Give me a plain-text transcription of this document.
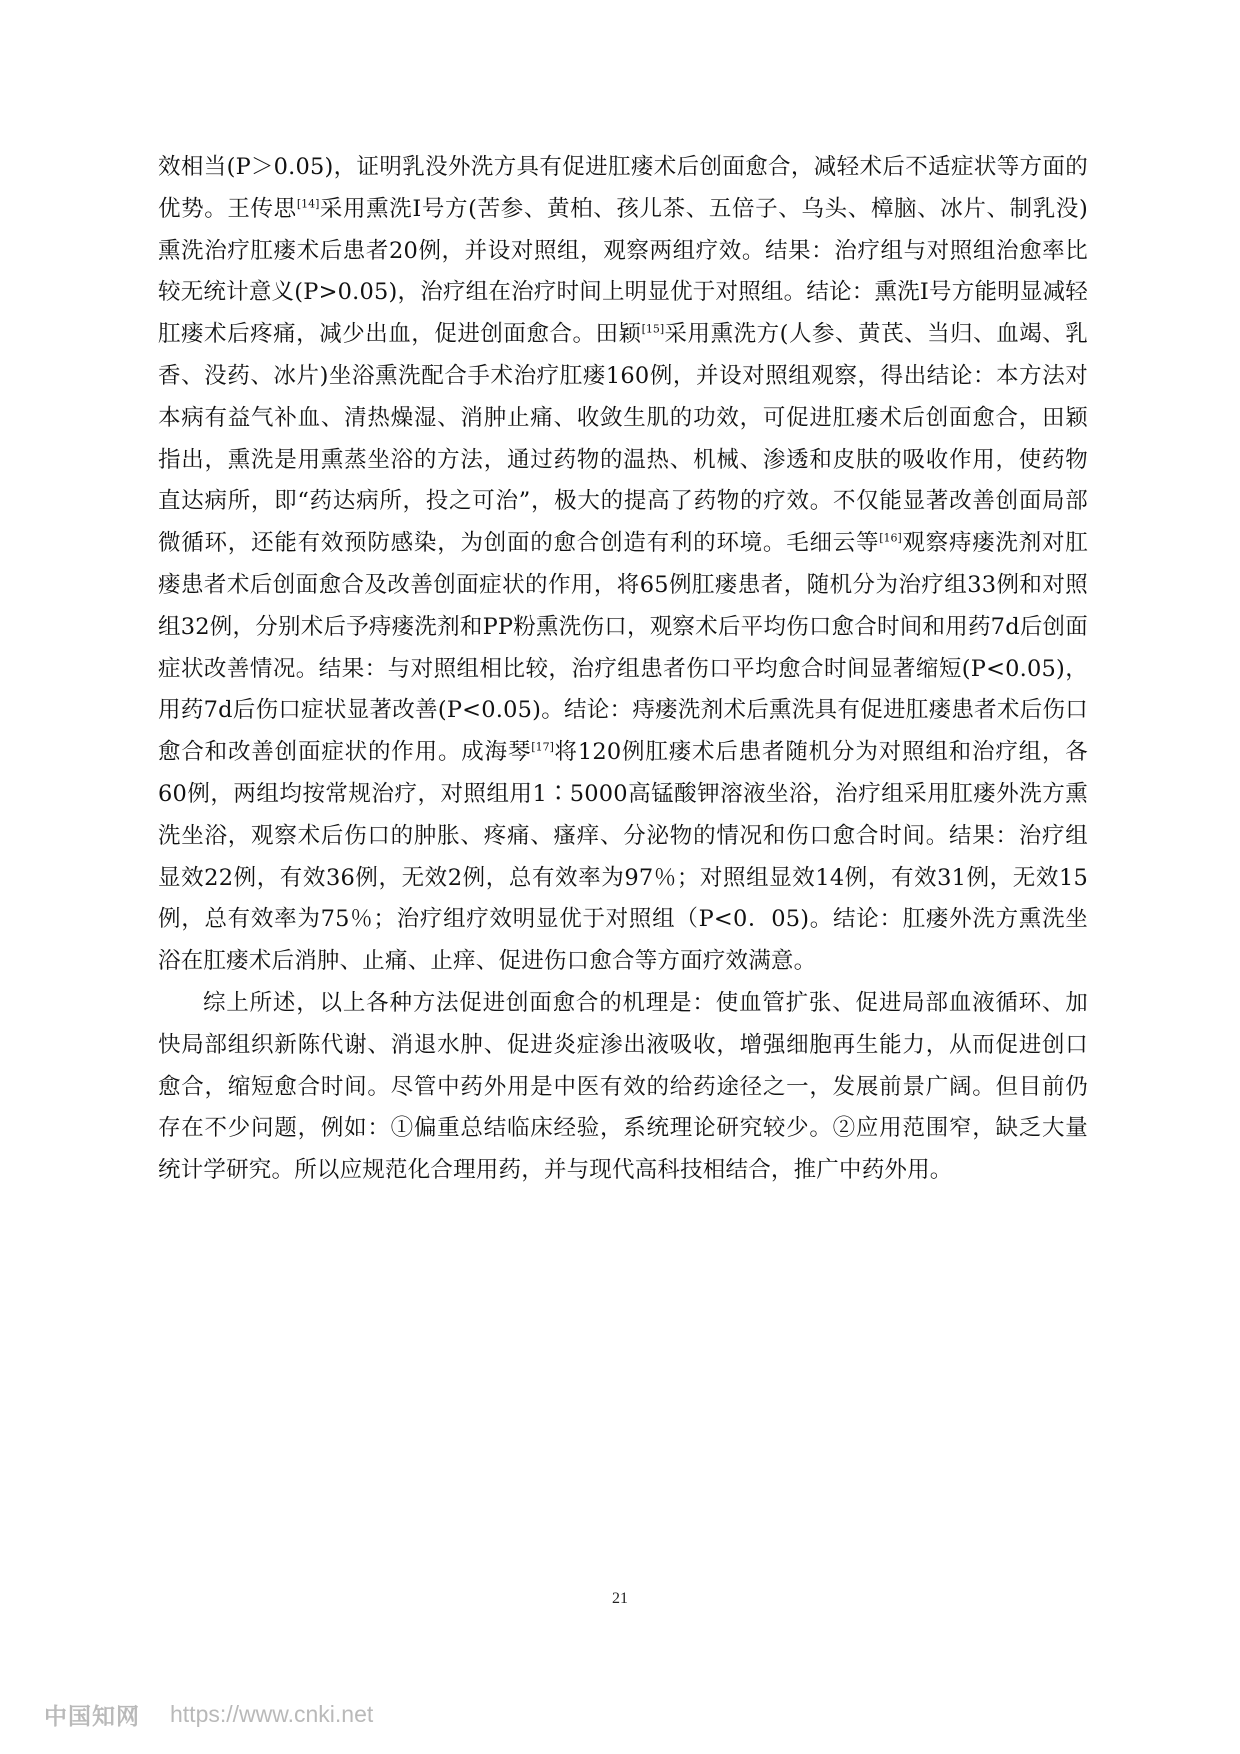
效相当(P＞0.05)，证明乳没外洗方具有促进肛瘘术后创面愈合，减轻术后不适症状等方面的优势。王传思[14]采用熏洗Ⅰ号方(苦参、黄柏、孩儿茶、五倍子、乌头、樟脑、冰片、制乳没)熏洗治疗肛瘘术后患者20例，并设对照组，观察两组疗效。结果：治疗组与对照组治愈率比较无统计意义(P>0.05)，治疗组在治疗时间上明显优于对照组。结论：熏洗Ⅰ号方能明显减轻肛瘘术后疼痛，减少出血，促进创面愈合。田颖[15]采用熏洗方(人参、黄芪、当归、血竭、乳香、没药、冰片)坐浴熏洗配合手术治疗肛瘘160例，并设对照组观察，得出结论：本方法对本病有益气补血、清热燥湿、消肿止痛、收敛生肌的功效，可促进肛瘘术后创面愈合，田颖指出，熏洗是用熏蒸坐浴的方法，通过药物的温热、机械、渗透和皮肤的吸收作用，使药物直达病所，即“药达病所，投之可治”，极大的提高了药物的疗效。不仅能显著改善创面局部微循环，还能有效预防感染，为创面的愈合创造有利的环境。毛细云等[16]观察痔瘘洗剂对肛瘘患者术后创面愈合及改善创面症状的作用，将65例肛瘘患者，随机分为治疗组33例和对照组32例，分别术后予痔瘘洗剂和PP粉熏洗伤口，观察术后平均伤口愈合时间和用药7d后创面症状改善情况。结果：与对照组相比较，治疗组患者伤口平均愈合时间显著缩短(P<0.05)，用药7d后伤口症状显著改善(P<0.05)。结论：痔瘘洗剂术后熏洗具有促进肛瘘患者术后伤口愈合和改善创面症状的作用。成海琴[17]将120例肛瘘术后患者随机分为对照组和治疗组，各60例，两组均按常规治疗，对照组用1∶5000高锰酸钾溶液坐浴，治疗组采用肛瘘外洗方熏洗坐浴，观察术后伤口的肿胀、疼痛、瘙痒、分泌物的情况和伤口愈合时间。结果：治疗组显效22例，有效36例，无效2例，总有效率为97％；对照组显效14例，有效31例，无效15例，总有效率为75％；治疗组疗效明显优于对照组（P<0．05)。结论：肛瘘外洗方熏洗坐浴在肛瘘术后消肿、止痛、止痒、促进伤口愈合等方面疗效满意。

综上所述，以上各种方法促进创面愈合的机理是：使血管扩张、促进局部血液循环、加快局部组织新陈代谢、消退水肿、促进炎症渗出液吸收，增强细胞再生能力，从而促进创口愈合，缩短愈合时间。尽管中药外用是中医有效的给药途径之一，发展前景广阔。但目前仍存在不少问题，例如：①偏重总结临床经验，系统理论研究较少。②应用范围窄，缺乏大量统计学研究。所以应规范化合理用药，并与现代高科技相结合，推广中药外用。

21
中国知网 https://www.cnki.net
